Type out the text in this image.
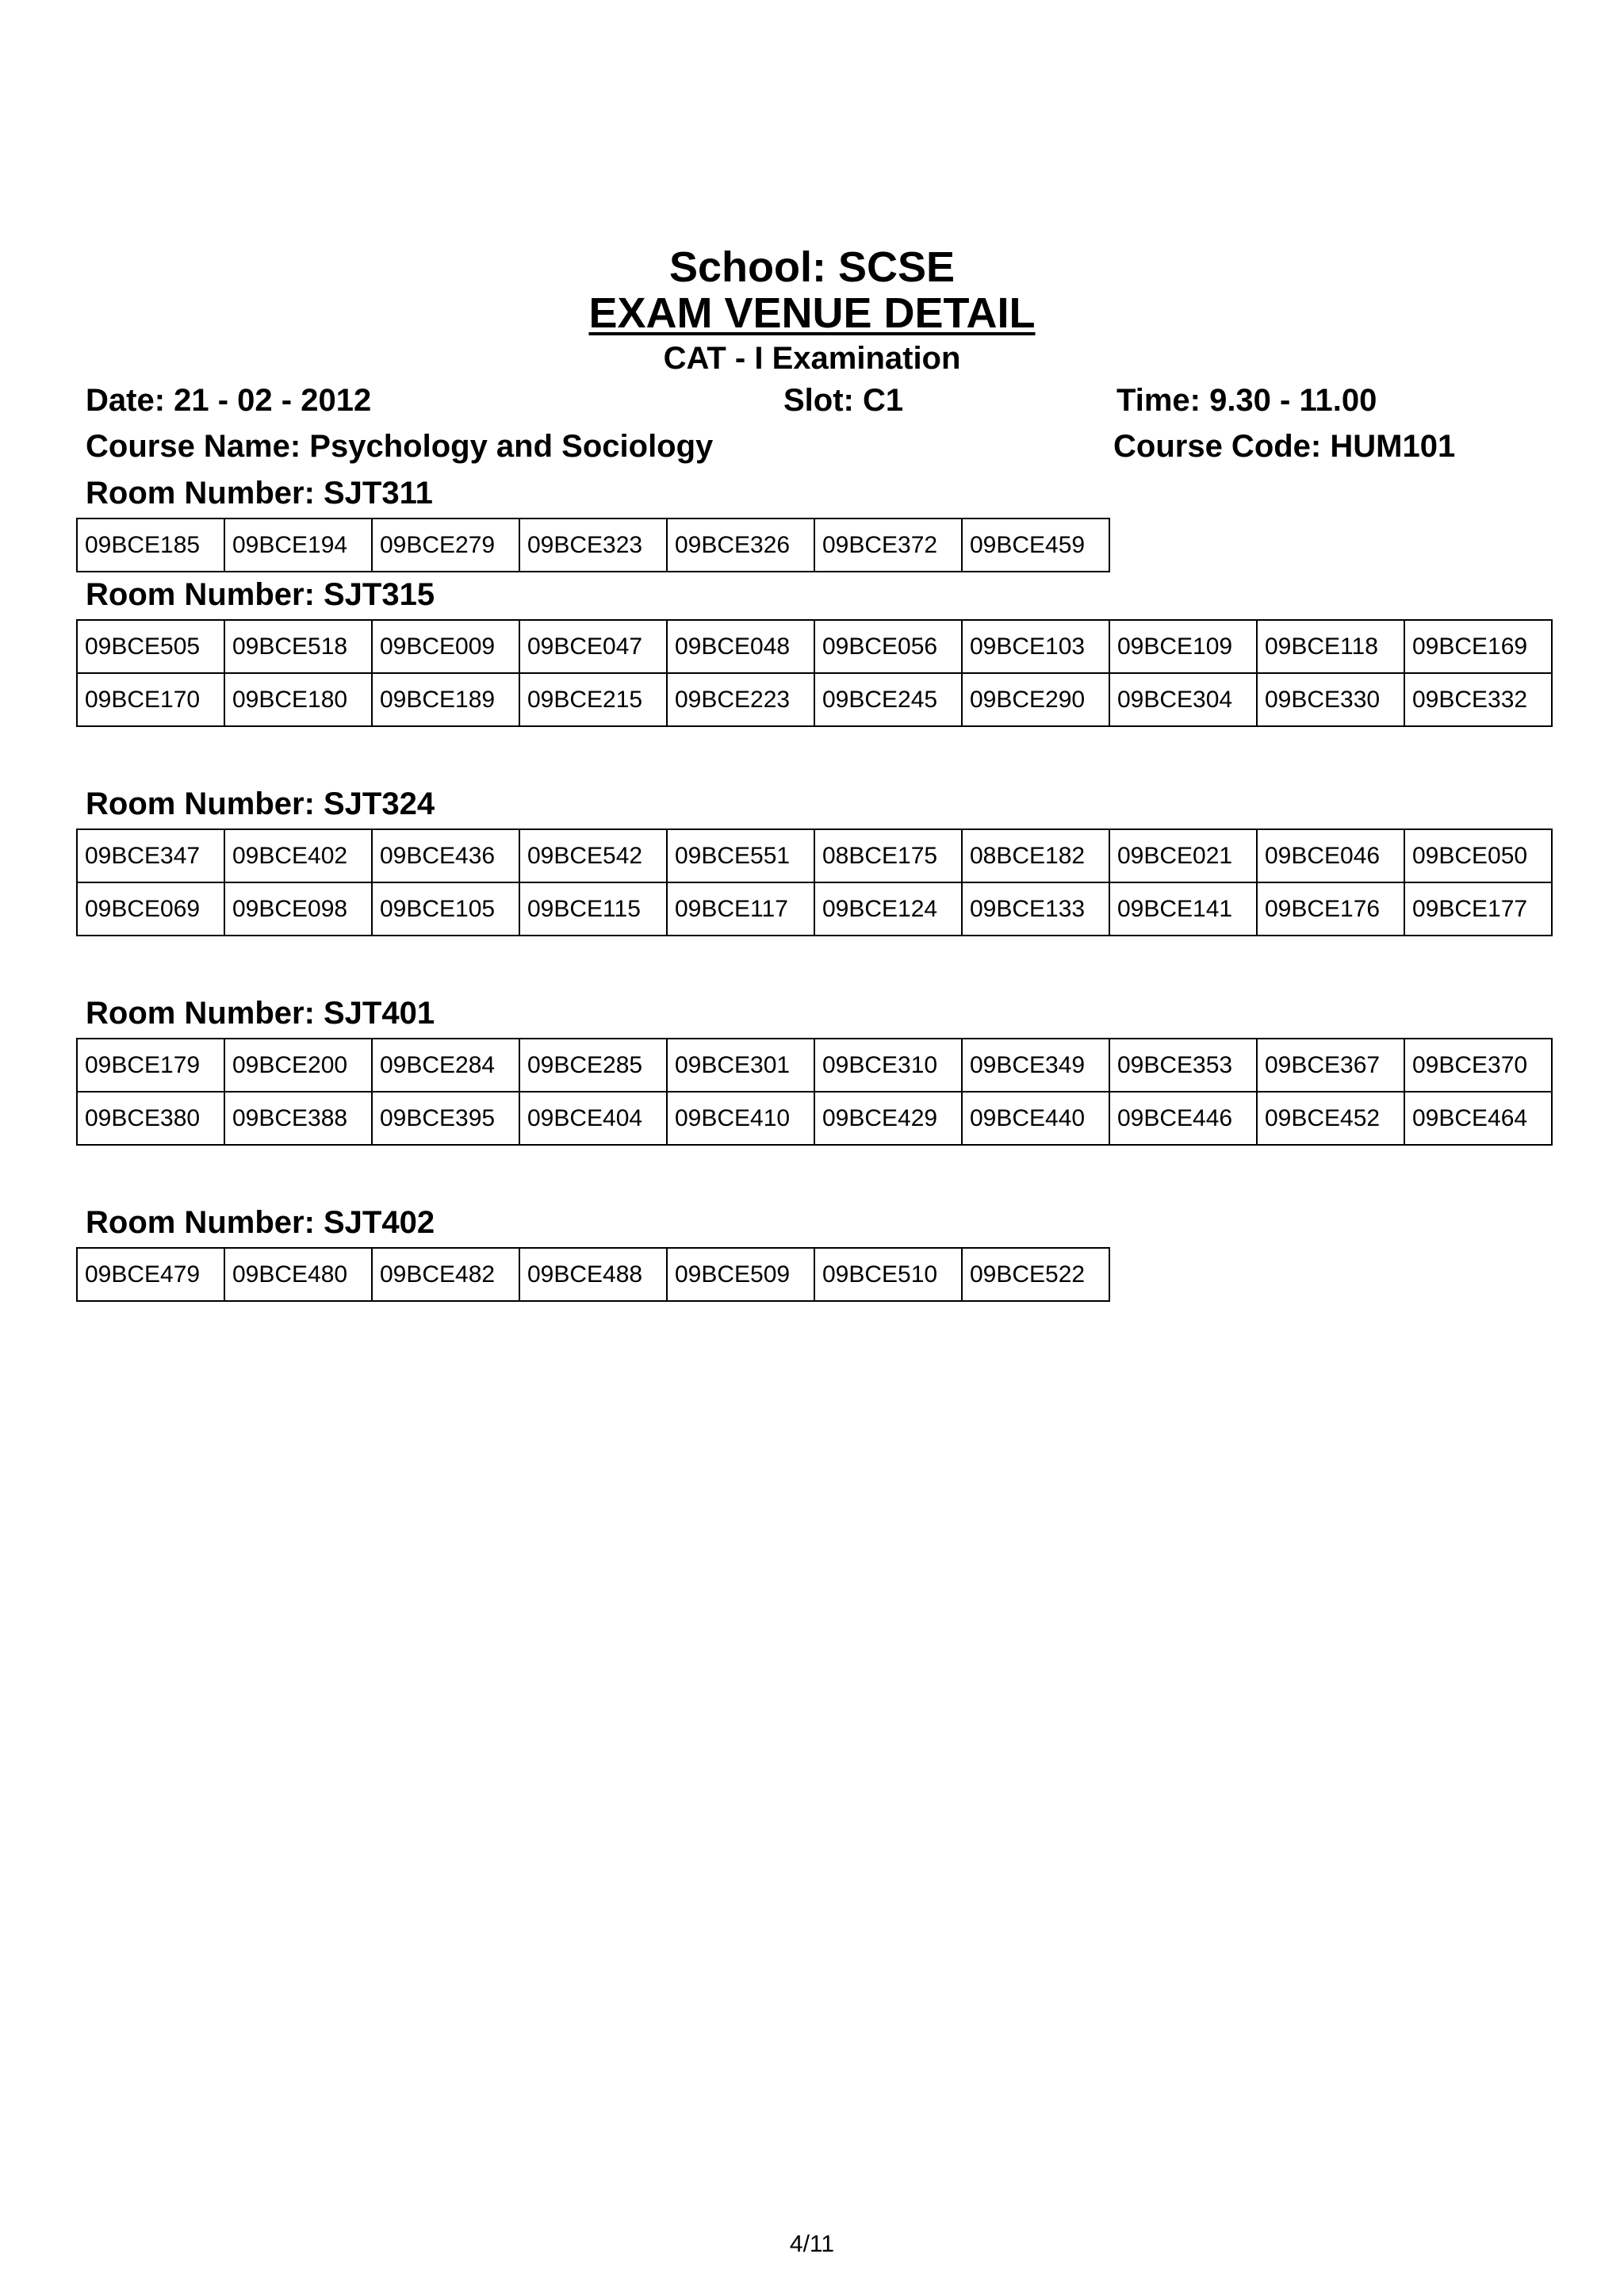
School: SCSE
EXAM VENUE DETAIL
CAT - I Examination
Date: 21 - 02 - 2012	Slot: C1	Time: 9.30 - 11.00
Course Name: Psychology and Sociology	Course Code: HUM101
Room Number: SJT311
09BCE185	09BCE194	09BCE279	09BCE323	09BCE326	09BCE372	09BCE459
Room Number: SJT315
09BCE505	09BCE518	09BCE009	09BCE047	09BCE048	09BCE056	09BCE103	09BCE109	09BCE118	09BCE169
09BCE170	09BCE180	09BCE189	09BCE215	09BCE223	09BCE245	09BCE290	09BCE304	09BCE330	09BCE332
Room Number: SJT324
09BCE347	09BCE402	09BCE436	09BCE542	09BCE551	08BCE175	08BCE182	09BCE021	09BCE046	09BCE050
09BCE069	09BCE098	09BCE105	09BCE115	09BCE117	09BCE124	09BCE133	09BCE141	09BCE176	09BCE177
Room Number: SJT401
09BCE179	09BCE200	09BCE284	09BCE285	09BCE301	09BCE310	09BCE349	09BCE353	09BCE367	09BCE370
09BCE380	09BCE388	09BCE395	09BCE404	09BCE410	09BCE429	09BCE440	09BCE446	09BCE452	09BCE464
Room Number: SJT402
09BCE479	09BCE480	09BCE482	09BCE488	09BCE509	09BCE510	09BCE522
4/11
